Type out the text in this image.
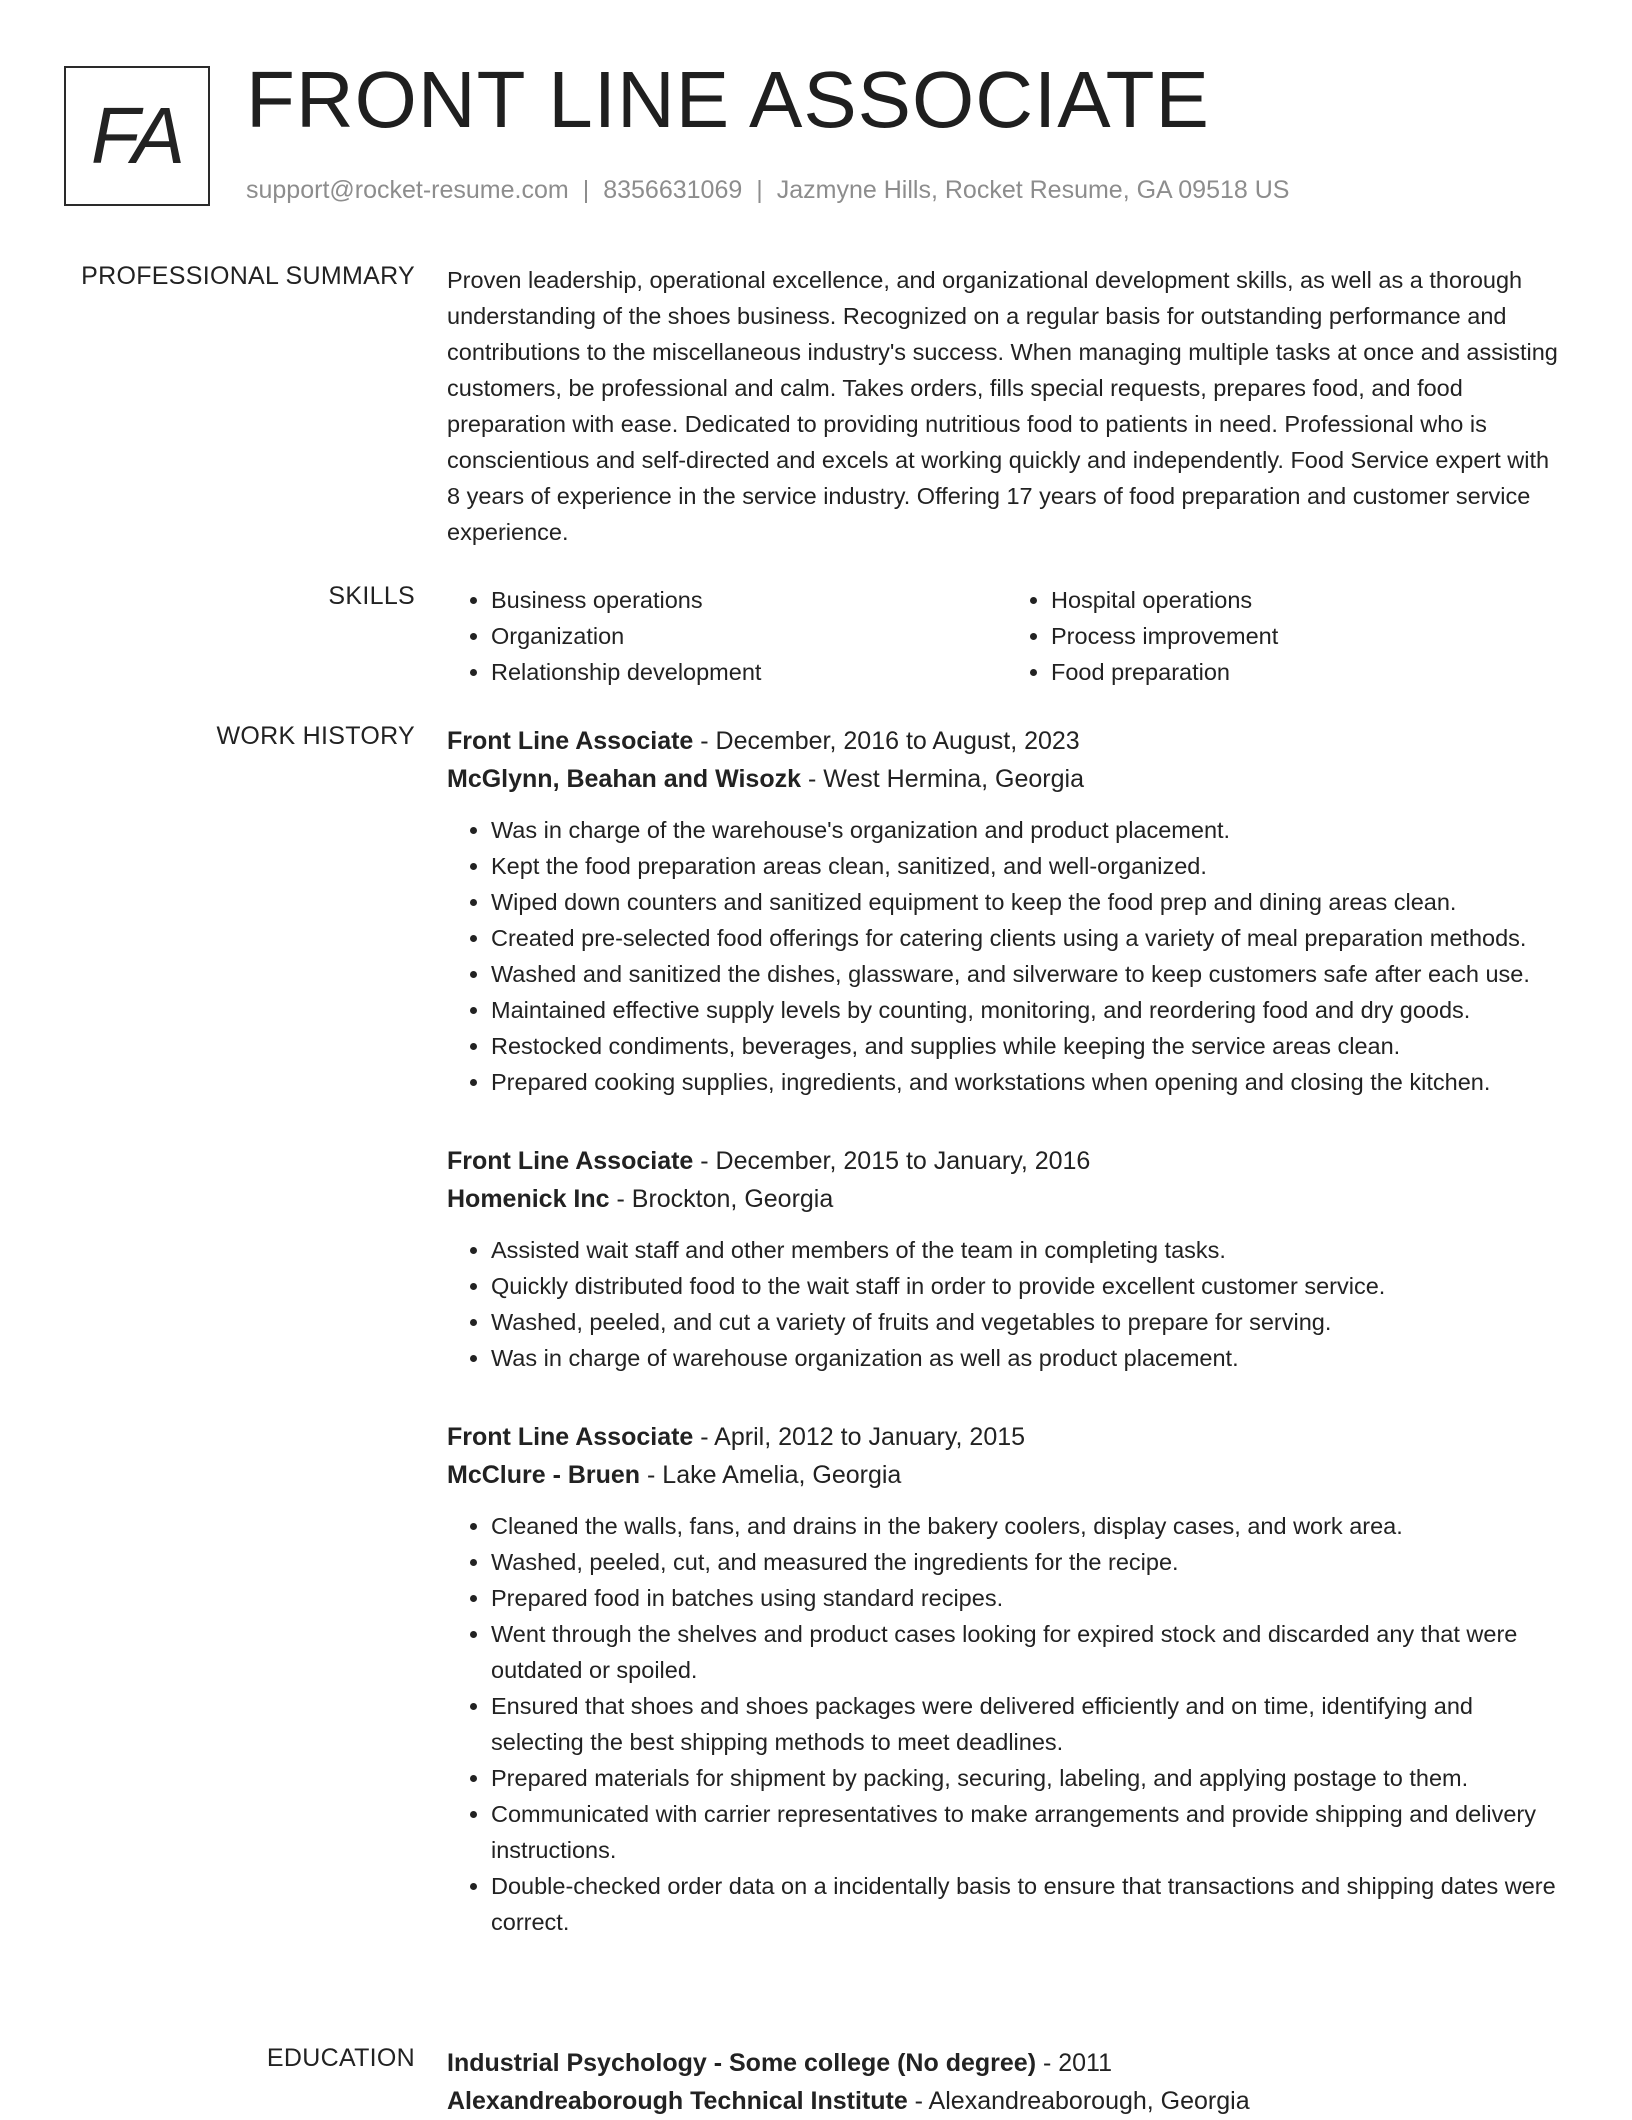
FA FRONT LINE ASSOCIATE
support@rocket-resume.com | 8356631069 | Jazmyne Hills, Rocket Resume, GA 09518 US
PROFESSIONAL SUMMARY Proven leadership, operational excellence, and organizational development skills, as well as a thorough understanding of the shoes business. Recognized on a regular basis for outstanding performance and contributions to the miscellaneous industry's success. When managing multiple tasks at once and assisting customers, be professional and calm. Takes orders, fills special requests, prepares food, and food preparation with ease. Dedicated to providing nutritious food to patients in need. Professional who is conscientious and self-directed and excels at working quickly and independently. Food Service expert with 8 years of experience in the service industry. Offering 17 years of food preparation and customer service experience.

SKILLS
•	Business operations
• Organization
• Relationship development
• Hospital operations
• Process improvement
• Food preparation
WORK HISTORY Front Line Associate - December, 2016 to August, 2023
McGlynn, Beahan and Wisozk - West Hermina, Georgia
• Was in charge of the warehouse's organization and product placement.
• Kept the food preparation areas clean, sanitized, and well-organized.
• Wiped down counters and sanitized equipment to keep the food prep and dining areas clean.
• Created pre-selected food offerings for catering clients using a variety of meal preparation methods.
• Washed and sanitized the dishes, glassware, and silverware to keep customers safe after each use.
• Maintained effective supply levels by counting, monitoring, and reordering food and dry goods.
• Restocked condiments, beverages, and supplies while keeping the service areas clean.
• Prepared cooking supplies, ingredients, and workstations when opening and closing the kitchen.
Front Line Associate - December, 2015 to January, 2016
Homenick Inc - Brockton, Georgia
• Assisted wait staff and other members of the team in completing tasks.
• Quickly distributed food to the wait staff in order to provide excellent customer service.
• Washed, peeled, and cut a variety of fruits and vegetables to prepare for serving.
• Was in charge of warehouse organization as well as product placement.
Front Line Associate - April, 2012 to January, 2015
McClure - Bruen - Lake Amelia, Georgia
• Cleaned the walls, fans, and drains in the bakery coolers, display cases, and work area.
• Washed, peeled, cut, and measured the ingredients for the recipe.
• Prepared food in batches using standard recipes.
• Went through the shelves and product cases looking for expired stock and discarded any that were outdated or spoiled.
• Ensured that shoes and shoes packages were delivered efficiently and on time, identifying and selecting the best shipping methods to meet deadlines.
• Prepared materials for shipment by packing, securing, labeling, and applying postage to them.
• Communicated with carrier representatives to make arrangements and provide shipping and delivery instructions.
• Double-checked order data on a incidentally basis to ensure that transactions and shipping dates were correct.
EDUCATION Industrial Psychology - Some college (No degree) - 2011
Alexandreaborough Technical Institute - Alexandreaborough, Georgia
